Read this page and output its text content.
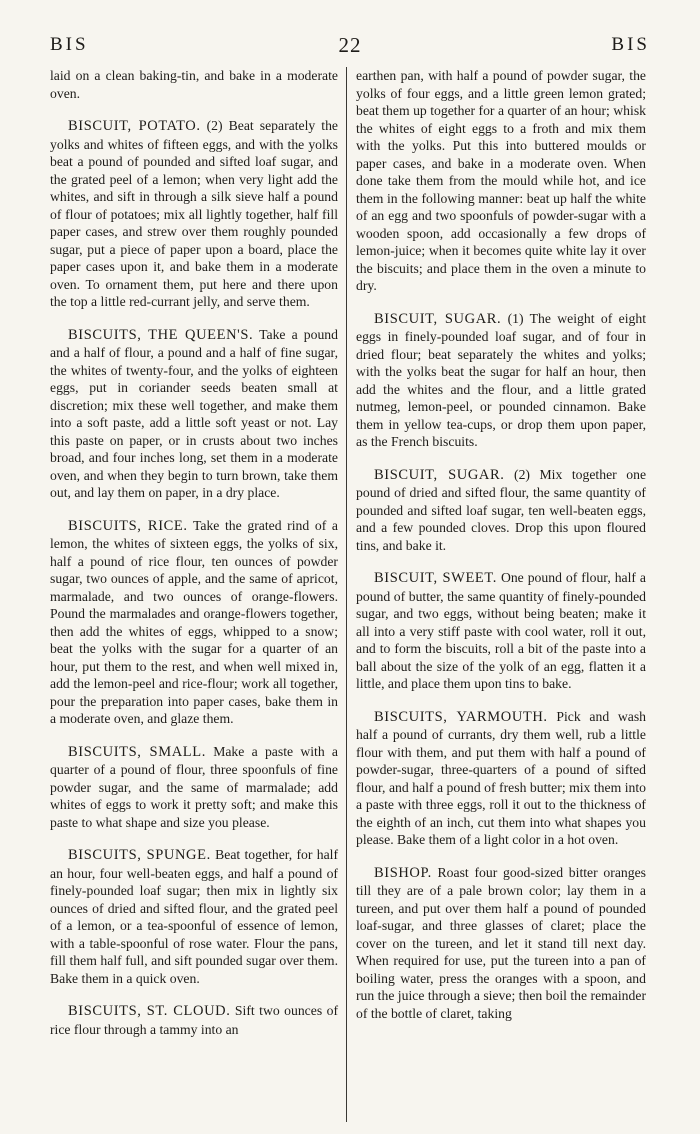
BIS	22	BIS

laid on a clean baking-tin, and bake in a moderate oven.

BISCUIT, POTATO. (2) Beat separately the yolks and whites of fifteen eggs, and with the yolks beat a pound of pounded and sifted loaf sugar, and the grated peel of a lemon; when very light add the whites, and sift in through a silk sieve half a pound of flour of potatoes; mix all lightly together, half fill paper cases, and strew over them roughly pounded sugar, put a piece of paper upon a board, place the paper cases upon it, and bake them in a moderate oven. To ornament them, put here and there upon the top a little red-currant jelly, and serve them.

BISCUITS, THE QUEEN'S. Take a pound and a half of flour, a pound and a half of fine sugar, the whites of twenty-four, and the yolks of eighteen eggs, put in coriander seeds beaten small at discretion; mix these well together, and make them into a soft paste, add a little soft yeast or not. Lay this paste on paper, or in crusts about two inches broad, and four inches long, set them in a moderate oven, and when they begin to turn brown, take them out, and lay them on paper, in a dry place.

BISCUITS, RICE. Take the grated rind of a lemon, the whites of sixteen eggs, the yolks of six, half a pound of rice flour, ten ounces of powder sugar, two ounces of apple, and the same of apricot, marmalade, and two ounces of orange-flowers. Pound the marmalades and orange-flowers together, then add the whites of eggs, whipped to a snow; beat the yolks with the sugar for a quarter of an hour, put them to the rest, and when well mixed in, add the lemon-peel and rice-flour; work all together, pour the preparation into paper cases, bake them in a moderate oven, and glaze them.

BISCUITS, SMALL. Make a paste with a quarter of a pound of flour, three spoonfuls of fine powder sugar, and the same of marmalade; add whites of eggs to work it pretty soft; and make this paste to what shape and size you please.

BISCUITS, SPUNGE. Beat together, for half an hour, four well-beaten eggs, and half a pound of finely-pounded loaf sugar; then mix in lightly six ounces of dried and sifted flour, and the grated peel of a lemon, or a tea-spoonful of essence of lemon, with a table-spoonful of rose water. Flour the pans, fill them half full, and sift pounded sugar over them. Bake them in a quick oven.

BISCUITS, ST. CLOUD. Sift two ounces of rice flour through a tammy into an

earthen pan, with half a pound of powder sugar, the yolks of four eggs, and a little green lemon grated; beat them up together for a quarter of an hour; whisk the whites of eight eggs to a froth and mix them with the yolks. Put this into buttered moulds or paper cases, and bake in a moderate oven. When done take them from the mould while hot, and ice them in the following manner: beat up half the white of an egg and two spoonfuls of powder-sugar with a wooden spoon, add occasionally a few drops of lemon-juice; when it becomes quite white lay it over the biscuits; and place them in the oven a minute to dry.

BISCUIT, SUGAR. (1) The weight of eight eggs in finely-pounded loaf sugar, and of four in dried flour; beat separately the whites and yolks; with the yolks beat the sugar for half an hour, then add the whites and the flour, and a little grated nutmeg, lemon-peel, or pounded cinnamon. Bake them in yellow tea-cups, or drop them upon paper, as the French biscuits.

BISCUIT, SUGAR. (2) Mix together one pound of dried and sifted flour, the same quantity of pounded and sifted loaf sugar, ten well-beaten eggs, and a few pounded cloves. Drop this upon floured tins, and bake it.

BISCUIT, SWEET. One pound of flour, half a pound of butter, the same quantity of finely-pounded sugar, and two eggs, without being beaten; make it all into a very stiff paste with cool water, roll it out, and to form the biscuits, roll a bit of the paste into a ball about the size of the yolk of an egg, flatten it a little, and place them upon tins to bake.

BISCUITS, YARMOUTH. Pick and wash half a pound of currants, dry them well, rub a little flour with them, and put them with half a pound of powder-sugar, three-quarters of a pound of sifted flour, and half a pound of fresh butter; mix them into a paste with three eggs, roll it out to the thickness of the eighth of an inch, cut them into what shapes you please. Bake them of a light color in a hot oven.

BISHOP. Roast four good-sized bitter oranges till they are of a pale brown color; lay them in a tureen, and put over them half a pound of pounded loaf-sugar, and three glasses of claret; place the cover on the tureen, and let it stand till next day. When required for use, put the tureen into a pan of boiling water, press the oranges with a spoon, and run the juice through a sieve; then boil the remainder of the bottle of claret, taking
